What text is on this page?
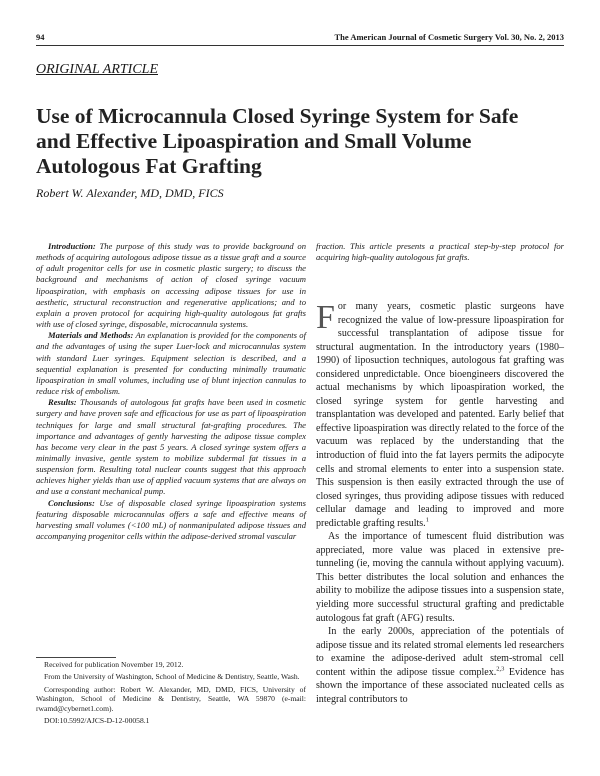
94	The American Journal of Cosmetic Surgery Vol. 30, No. 2, 2013
ORIGINAL ARTICLE
Use of Microcannula Closed Syringe System for Safe and Effective Lipoaspiration and Small Volume Autologous Fat Grafting
Robert W. Alexander, MD, DMD, FICS

Introduction: The purpose of this study was to provide background on methods of acquiring autologous adipose tissue as a tissue graft and a source of adult progenitor cells for use in cosmetic plastic surgery; to discuss the background and mechanisms of action of closed syringe vacuum lipoaspiration, with emphasis on accessing adipose tissues for use in aesthetic, structural reconstruction and regenerative applications; and to explain a proven protocol for acquiring high-quality autologous fat grafts with use of closed syringe, disposable, microcannula systems.

Materials and Methods: An explanation is provided for the components of and the advantages of using the super Luer-lock and microcannulas system with standard Luer syringes. Equipment selection is described, and a sequential explanation is presented for conducting minimally traumatic lipoaspiration in small volumes, including use of blunt injection cannulas to reduce risk of embolism.

Results: Thousands of autologous fat grafts have been used in cosmetic surgery and have proven safe and efficacious for use as part of lipoaspiration techniques for large and small structural fat-grafting procedures. The importance and advantages of gently harvesting the adipose tissue complex has become very clear in the past 5 years. A closed syringe system offers a minimally invasive, gentle system to mobilize subdermal fat tissues in a suspension form. Resulting total nuclear counts suggest that this approach achieves higher yields than use of applied vacuum systems that are always on and use a constant mechanical pump.

Conclusions: Use of disposable closed syringe lipoaspiration systems featuring disposable microcannulas offers a safe and effective means of harvesting small volumes (<100 mL) of nonmanipulated adipose tissues and accompanying progenitor cells within the adipose-derived stromal vascular

fraction. This article presents a practical step-by-step protocol for acquiring high-quality autologous fat grafts.

For many years, cosmetic plastic surgeons have recognized the value of low-pressure lipoaspiration for successful transplantation of adipose tissue for structural augmentation. In the introductory years (1980–1990) of liposuction techniques, autologous fat grafting was considered unpredictable. Once bioengineers discovered the actual mechanisms by which lipoaspiration worked, the closed syringe system for gentle harvesting and transplantation was developed and patented. Early belief that effective lipoaspiration was directly related to the force of the vacuum was replaced by the understanding that the introduction of fluid into the fat layers permits the adipocyte cells and stromal elements to enter into a suspension state. This suspension is then easily extracted through the use of closed syringes, thus providing adipose tissues with reduced cellular damage and leading to improved and more predictable grafting results.$^1$

As the importance of tumescent fluid distribution was appreciated, more value was placed in extensive pre-tunneling (ie, moving the cannula without applying vacuum). This better distributes the local solution and enhances the ability to mobilize the adipose tissues into a suspension state, yielding more successful structural grafting and predictable autologous fat graft (AFG) results.

In the early 2000s, appreciation of the potentials of adipose tissue and its related stromal elements led researchers to examine the adipose-derived adult stem-stromal cell content within the adipose tissue complex.$^{2,3}$ Evidence has shown the importance of these associated nucleated cells as integral contributors to

Received for publication November 19, 2012.

From the University of Washington, School of Medicine & Dentistry, Seattle, Wash.

Corresponding author: Robert W. Alexander, MD, DMD, FICS, University of Washington, School of Medicine & Dentistry, Seattle, WA 59870 (e-mail: rwamd@cybernet1.com).

DOI:10.5992/AJCS-D-12-00058.1
